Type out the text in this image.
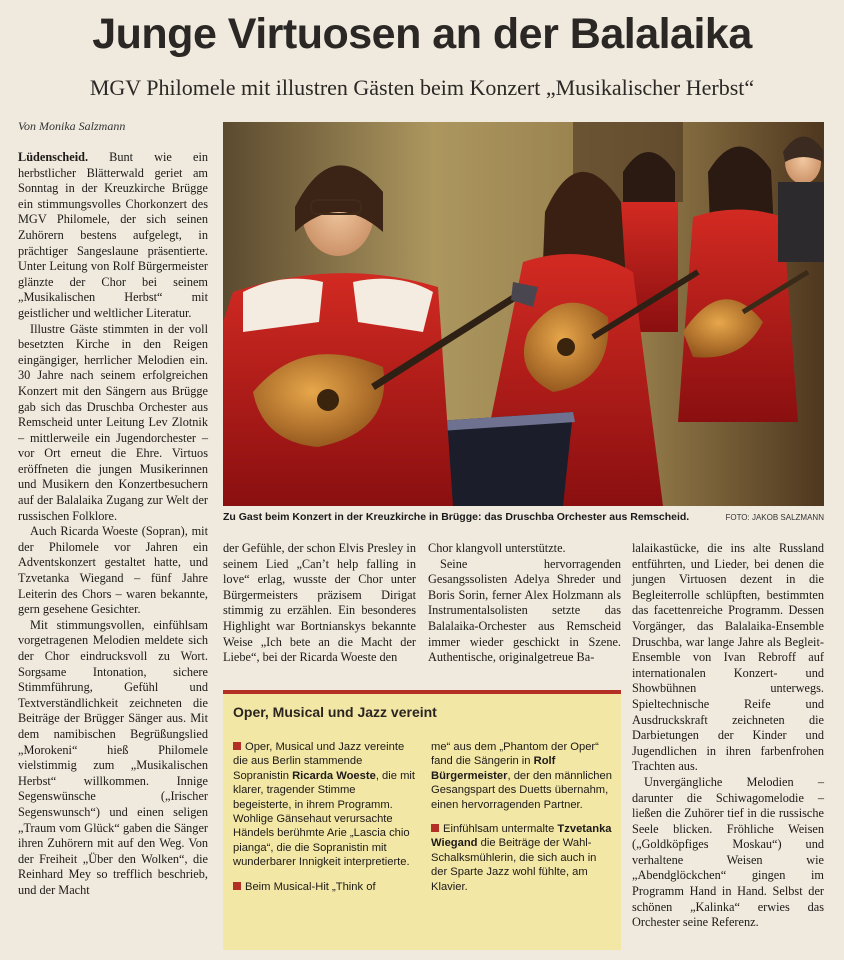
Junge Virtuosen an der Balalaika
MGV Philomele mit illustren Gästen beim Konzert „Musikalischer Herbst“
Von Monika Salzmann

Lüdenscheid. Bunt wie ein herbstlicher Blätterwald geriet am Sonntag in der Kreuzkirche Brügge ein stimmungsvolles Chorkonzert des MGV Philomele, der sich seinen Zuhörern bestens aufgelegt, in prächtiger Sangeslaune präsentierte. Unter Leitung von Rolf Bürgermeister glänzte der Chor bei seinem „Musikalischen Herbst“ mit geistlicher und weltlicher Literatur.

Illustre Gäste stimmten in der voll besetzten Kirche in den Reigen eingängiger, herrlicher Melodien ein. 30 Jahre nach seinem erfolgreichen Konzert mit den Sängern aus Brügge gab sich das Druschba Orchester aus Remscheid unter Leitung Lev Zlotnik – mittlerweile ein Jugendorchester – vor Ort erneut die Ehre. Virtuos eröffneten die jungen Musikerinnen und Musikern den Konzertbesuchern auf der Balalaika Zugang zur Welt der russischen Folklore.

Auch Ricarda Woeste (Sopran), mit der Philomele vor Jahren ein Adventskonzert gestaltet hatte, und Tzvetanka Wiegand – fünf Jahre Leiterin des Chors – waren bekannte, gern gesehene Gesichter.

Mit stimmungsvollen, einfühlsam vorgetragenen Melodien meldete sich der Chor eindrucksvoll zu Wort. Sorgsame Intonation, sichere Stimmführung, Gefühl und Textverständlichkeit zeichneten die Beiträge der Brügger Sänger aus. Mit dem namibischen Begrüßungslied „Morokeni“ hieß Philomele vielstimmig zum „Musikalischen Herbst“ willkommen. Innige Segenswünsche („Irischer Segenswunsch“) und einen seligen „Traum vom Glück“ gaben die Sänger ihren Zuhörern mit auf den Weg. Von der Freiheit „Über den Wolken“, die Reinhard Mey so trefflich beschrieb, und der Macht

Zu Gast beim Konzert in der Kreuzkirche in Brügge: das Druschba Orchester aus Remscheid.	FOTO: JAKOB SALZMANN

der Gefühle, der schon Elvis Presley in seinem Lied „Can’t help falling in love“ erlag, wusste der Chor unter Bürgermeisters präzisem Dirigat stimmig zu erzählen. Ein besonderes Highlight war Bortnianskys bekannte Weise „Ich bete an die Macht der Liebe“, bei der Ricarda Woeste den

Chor klangvoll unterstützte.

Seine hervorragenden Gesangssolisten Adelya Shreder und Boris Sorin, ferner Alex Holzmann als Instrumentalsolisten setzte das Balalaika-Orchester aus Remscheid immer wieder geschickt in Szene. Authentische, originalgetreue Ba-

lalaikastücke, die ins alte Russland entführten, und Lieder, bei denen die jungen Virtuosen dezent in die Begleiterrolle schlüpften, bestimmten das facettenreiche Programm. Dessen Vorgänger, das Balalaika-Ensemble Druschba, war lange Jahre als Begleit-Ensemble von Ivan Rebroff auf internationalen Konzert- und Showbühnen unterwegs. Spieltechnische Reife und Ausdruckskraft zeichneten die Darbietungen der Kinder und Jugendlichen in ihren farbenfrohen Trachten aus.

Unvergängliche Melodien – darunter die Schiwagomelodie – ließen die Zuhörer tief in die russische Seele blicken. Fröhliche Weisen („Goldköpfiges Moskau“) und verhaltene Weisen wie „Abendglöckchen“ gingen im Programm Hand in Hand. Selbst der schönen „Kalinka“ erwies das Orchester seine Referenz.

Oper, Musical und Jazz vereint

Oper, Musical und Jazz vereinte die aus Berlin stammende Sopranistin Ricarda Woeste, die mit klarer, tragender Stimme begeisterte, in ihrem Programm. Wohlige Gänsehaut verursachte Händels berühmte Arie „Lascia chio pianga“, die die Sopranistin mit wunderbarer Innigkeit interpretierte.

Beim Musical-Hit „Think of

me“ aus dem „Phantom der Oper“ fand die Sängerin in Rolf Bürgermeister, der den männlichen Gesangspart des Duetts übernahm, einen hervorragenden Partner.

Einfühlsam untermalte Tzvetanka Wiegand die Beiträge der Wahl-Schalksmühlerin, die sich auch in der Sparte Jazz wohl fühlte, am Klavier.
